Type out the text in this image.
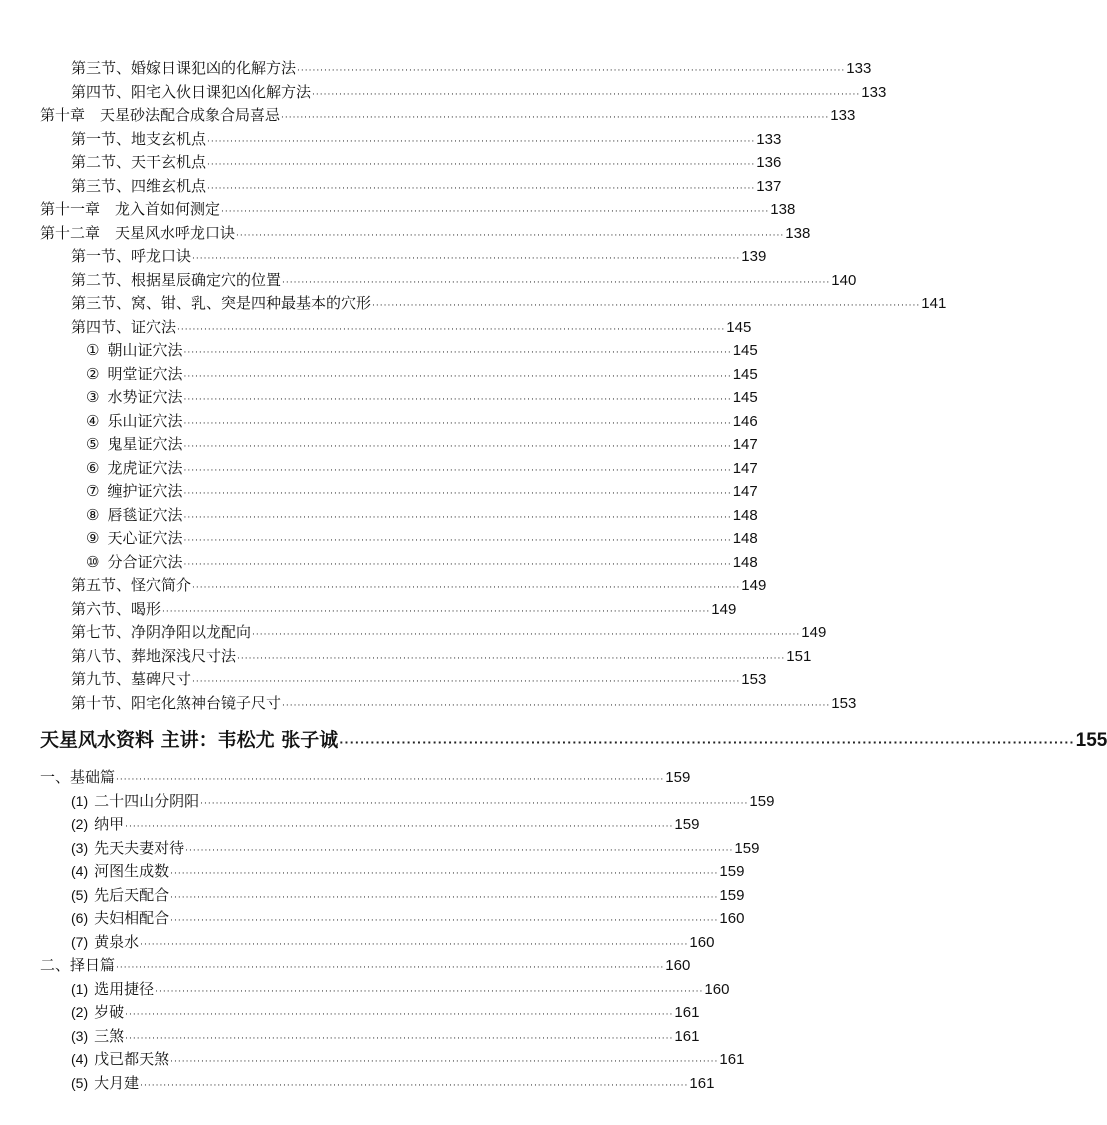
第三节、婚嫁日课犯凶的化解方法 ·············································································································································· 133
第四节、阳宅入伙日课犯凶化解方法 ·············································································································································· 133
第十章　天星砂法配合成象合局喜忌 ·············································································································································· 133
第一节、地支玄机点 ·············································································································································· 133
第二节、天干玄机点 ·············································································································································· 136
第三节、四维玄机点 ·············································································································································· 137
第十一章　龙入首如何测定 ·············································································································································· 138
第十二章　天星风水呼龙口诀 ·············································································································································· 138
第一节、呼龙口诀 ·············································································································································· 139
第二节、根据星辰确定穴的位置 ·············································································································································· 140
第三节、窝、钳、乳、突是四种最基本的穴形 ·············································································································································· 141
第四节、证穴法 ·············································································································································· 145
① 朝山证穴法 ·············································································································································· 145
② 明堂证穴法 ·············································································································································· 145
③ 水势证穴法 ·············································································································································· 145
④ 乐山证穴法 ·············································································································································· 146
⑤ 鬼星证穴法 ·············································································································································· 147
⑥ 龙虎证穴法 ·············································································································································· 147
⑦ 缠护证穴法 ·············································································································································· 147
⑧ 唇毯证穴法 ·············································································································································· 148
⑨ 天心证穴法 ·············································································································································· 148
⑩ 分合证穴法 ·············································································································································· 148
第五节、怪穴简介 ·············································································································································· 149
第六节、喝形 ·············································································································································· 149
第七节、净阴净阳以龙配向 ·············································································································································· 149
第八节、葬地深浅尺寸法 ·············································································································································· 151
第九节、墓碑尺寸 ·············································································································································· 153
第十节、阳宅化煞神台镜子尺寸 ·············································································································································· 153
天星风水资料 主讲：韦松尤 张子诚 ·············································································································································· 155
一、基础篇 ·············································································································································· 159
(1) 二十四山分阴阳 ·············································································································································· 159
(2) 纳甲 ·············································································································································· 159
(3) 先天夫妻对待 ·············································································································································· 159
(4) 河图生成数 ·············································································································································· 159
(5) 先后天配合 ·············································································································································· 159
(6) 夫妇相配合 ·············································································································································· 160
(7) 黄泉水 ·············································································································································· 160
二、择日篇 ·············································································································································· 160
(1) 选用捷径 ·············································································································································· 160
(2) 岁破 ·············································································································································· 161
(3) 三煞 ·············································································································································· 161
(4) 戊已都天煞 ·············································································································································· 161
(5) 大月建 ·············································································································································· 161
